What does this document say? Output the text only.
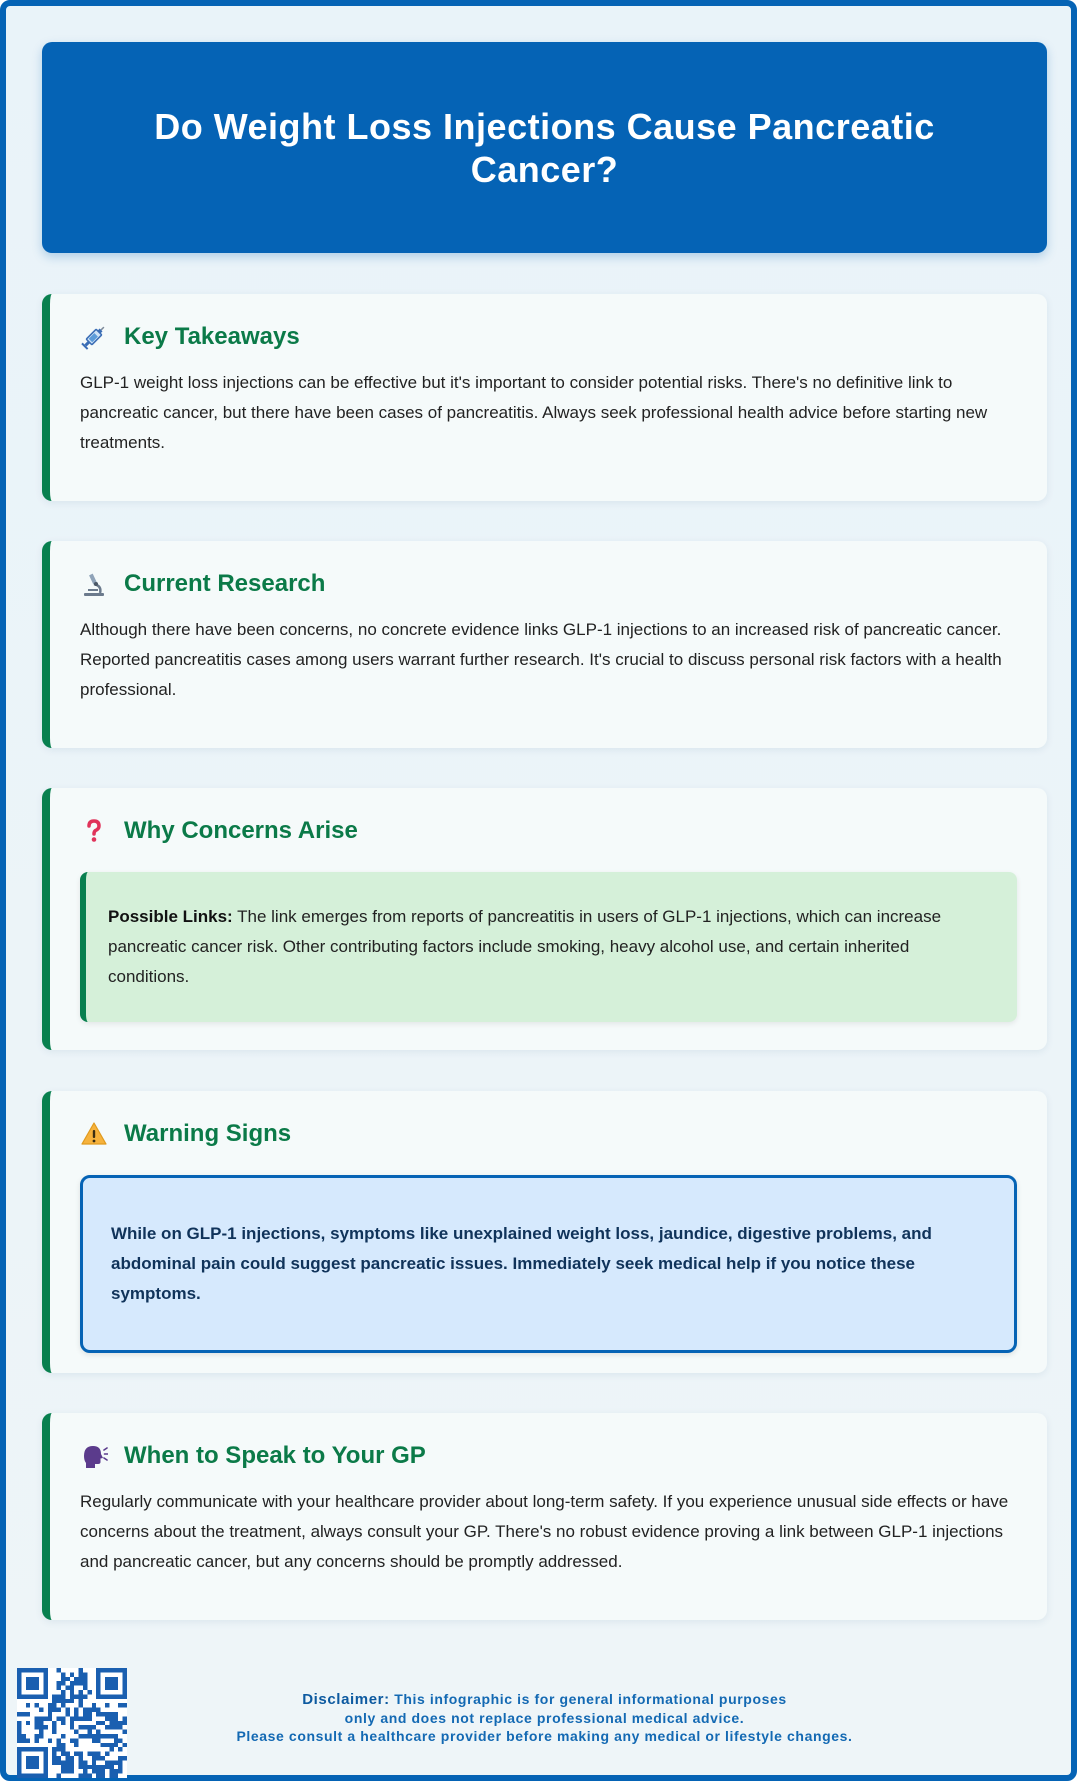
Do Weight Loss Injections Cause Pancreatic Cancer?
Key Takeaways
GLP-1 weight loss injections can be effective but it's important to consider potential risks. There's no definitive link to pancreatic cancer, but there have been cases of pancreatitis. Always seek professional health advice before starting new treatments.
Current Research
Although there have been concerns, no concrete evidence links GLP-1 injections to an increased risk of pancreatic cancer. Reported pancreatitis cases among users warrant further research. It's crucial to discuss personal risk factors with a health professional.
Why Concerns Arise
Possible Links: The link emerges from reports of pancreatitis in users of GLP-1 injections, which can increase pancreatic cancer risk. Other contributing factors include smoking, heavy alcohol use, and certain inherited conditions.
Warning Signs
While on GLP-1 injections, symptoms like unexplained weight loss, jaundice, digestive problems, and abdominal pain could suggest pancreatic issues. Immediately seek medical help if you notice these symptoms.
When to Speak to Your GP
Regularly communicate with your healthcare provider about long-term safety. If you experience unusual side effects or have concerns about the treatment, always consult your GP. There's no robust evidence proving a link between GLP-1 injections and pancreatic cancer, but any concerns should be promptly addressed.
Disclaimer: This infographic is for general informational purposes
only and does not replace professional medical advice.
Please consult a healthcare provider before making any medical or lifestyle changes.
